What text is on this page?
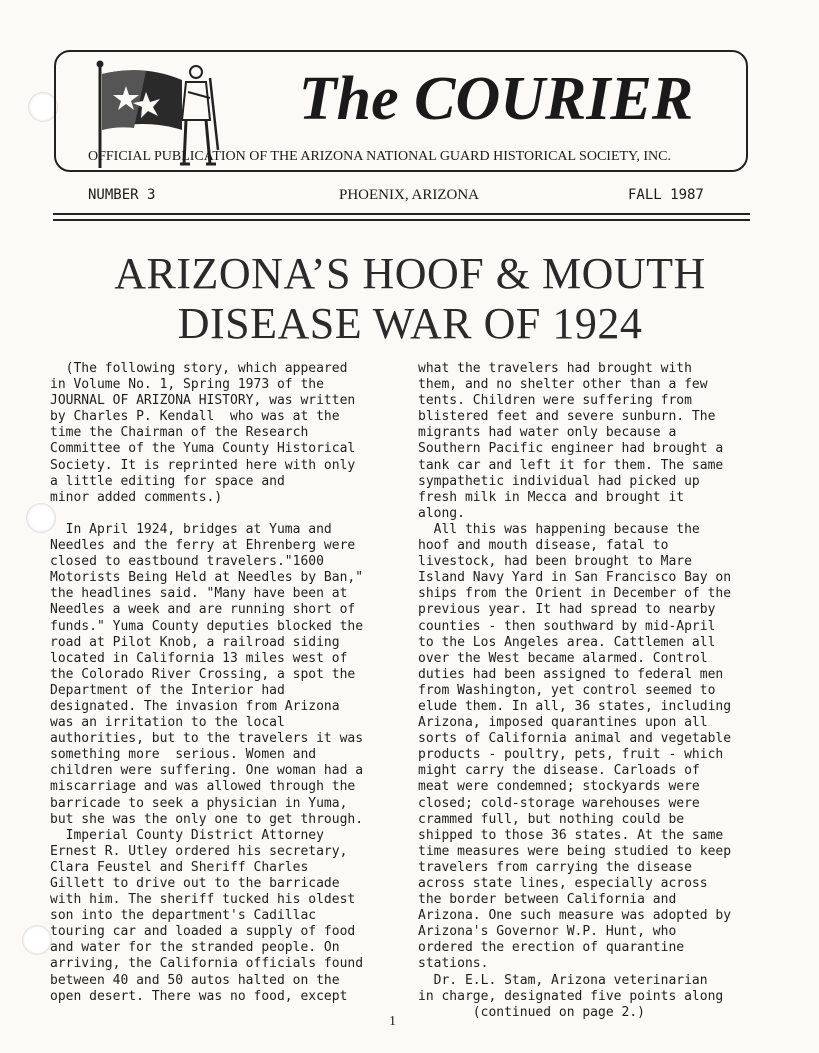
The COURIER
OFFICIAL PUBLICATION OF THE ARIZONA NATIONAL GUARD HISTORICAL SOCIETY, INC.
NUMBER 3	PHOENIX, ARIZONA	FALL 1987
ARIZONA’S HOOF & MOUTH
DISEASE WAR OF 1924
(The following story, which appeared
in Volume No. 1, Spring 1973 of the
JOURNAL OF ARIZONA HISTORY, was written
by Charles P. Kendall  who was at the
time the Chairman of the Research
Committee of the Yuma County Historical
Society. It is reprinted here with only
a little editing for space and
minor added comments.)

In April 1924, bridges at Yuma and
Needles and the ferry at Ehrenberg were
closed to eastbound travelers."1600
Motorists Being Held at Needles by Ban,"
the headlines said. "Many have been at
Needles a week and are running short of
funds." Yuma County deputies blocked the
road at Pilot Knob, a railroad siding
located in California 13 miles west of
the Colorado River Crossing, a spot the
Department of the Interior had
designated. The invasion from Arizona
was an irritation to the local
authorities, but to the travelers it was
something more  serious. Women and
children were suffering. One woman had a
miscarriage and was allowed through the
barricade to seek a physician in Yuma,
but she was the only one to get through.
Imperial County District Attorney
Ernest R. Utley ordered his secretary,
Clara Feustel and Sheriff Charles
Gillett to drive out to the barricade
with him. The sheriff tucked his oldest
son into the department's Cadillac
touring car and loaded a supply of food
and water for the stranded people. On
arriving, the California officials found
between 40 and 50 autos halted on the
open desert. There was no food, except
what the travelers had brought with
them, and no shelter other than a few
tents. Children were suffering from
blistered feet and severe sunburn. The
migrants had water only because a
Southern Pacific engineer had brought a
tank car and left it for them. The same
sympathetic individual had picked up
fresh milk in Mecca and brought it
along.
All this was happening because the
hoof and mouth disease, fatal to
livestock, had been brought to Mare
Island Navy Yard in San Francisco Bay on
ships from the Orient in December of the
previous year. It had spread to nearby
counties - then southward by mid-April
to the Los Angeles area. Cattlemen all
over the West became alarmed. Control
duties had been assigned to federal men
from Washington, yet control seemed to
elude them. In all, 36 states, including
Arizona, imposed quarantines upon all
sorts of California animal and vegetable
products - poultry, pets, fruit - which
might carry the disease. Carloads of
meat were condemned; stockyards were
closed; cold-storage warehouses were
crammed full, but nothing could be
shipped to those 36 states. At the same
time measures were being studied to keep
travelers from carrying the disease
across state lines, especially across
the border between California and
Arizona. One such measure was adopted by
Arizona's Governor W.P. Hunt, who
ordered the erection of quarantine
stations.
Dr. E.L. Stam, Arizona veterinarian
in charge, designated five points along
(continued on page 2.)
1
